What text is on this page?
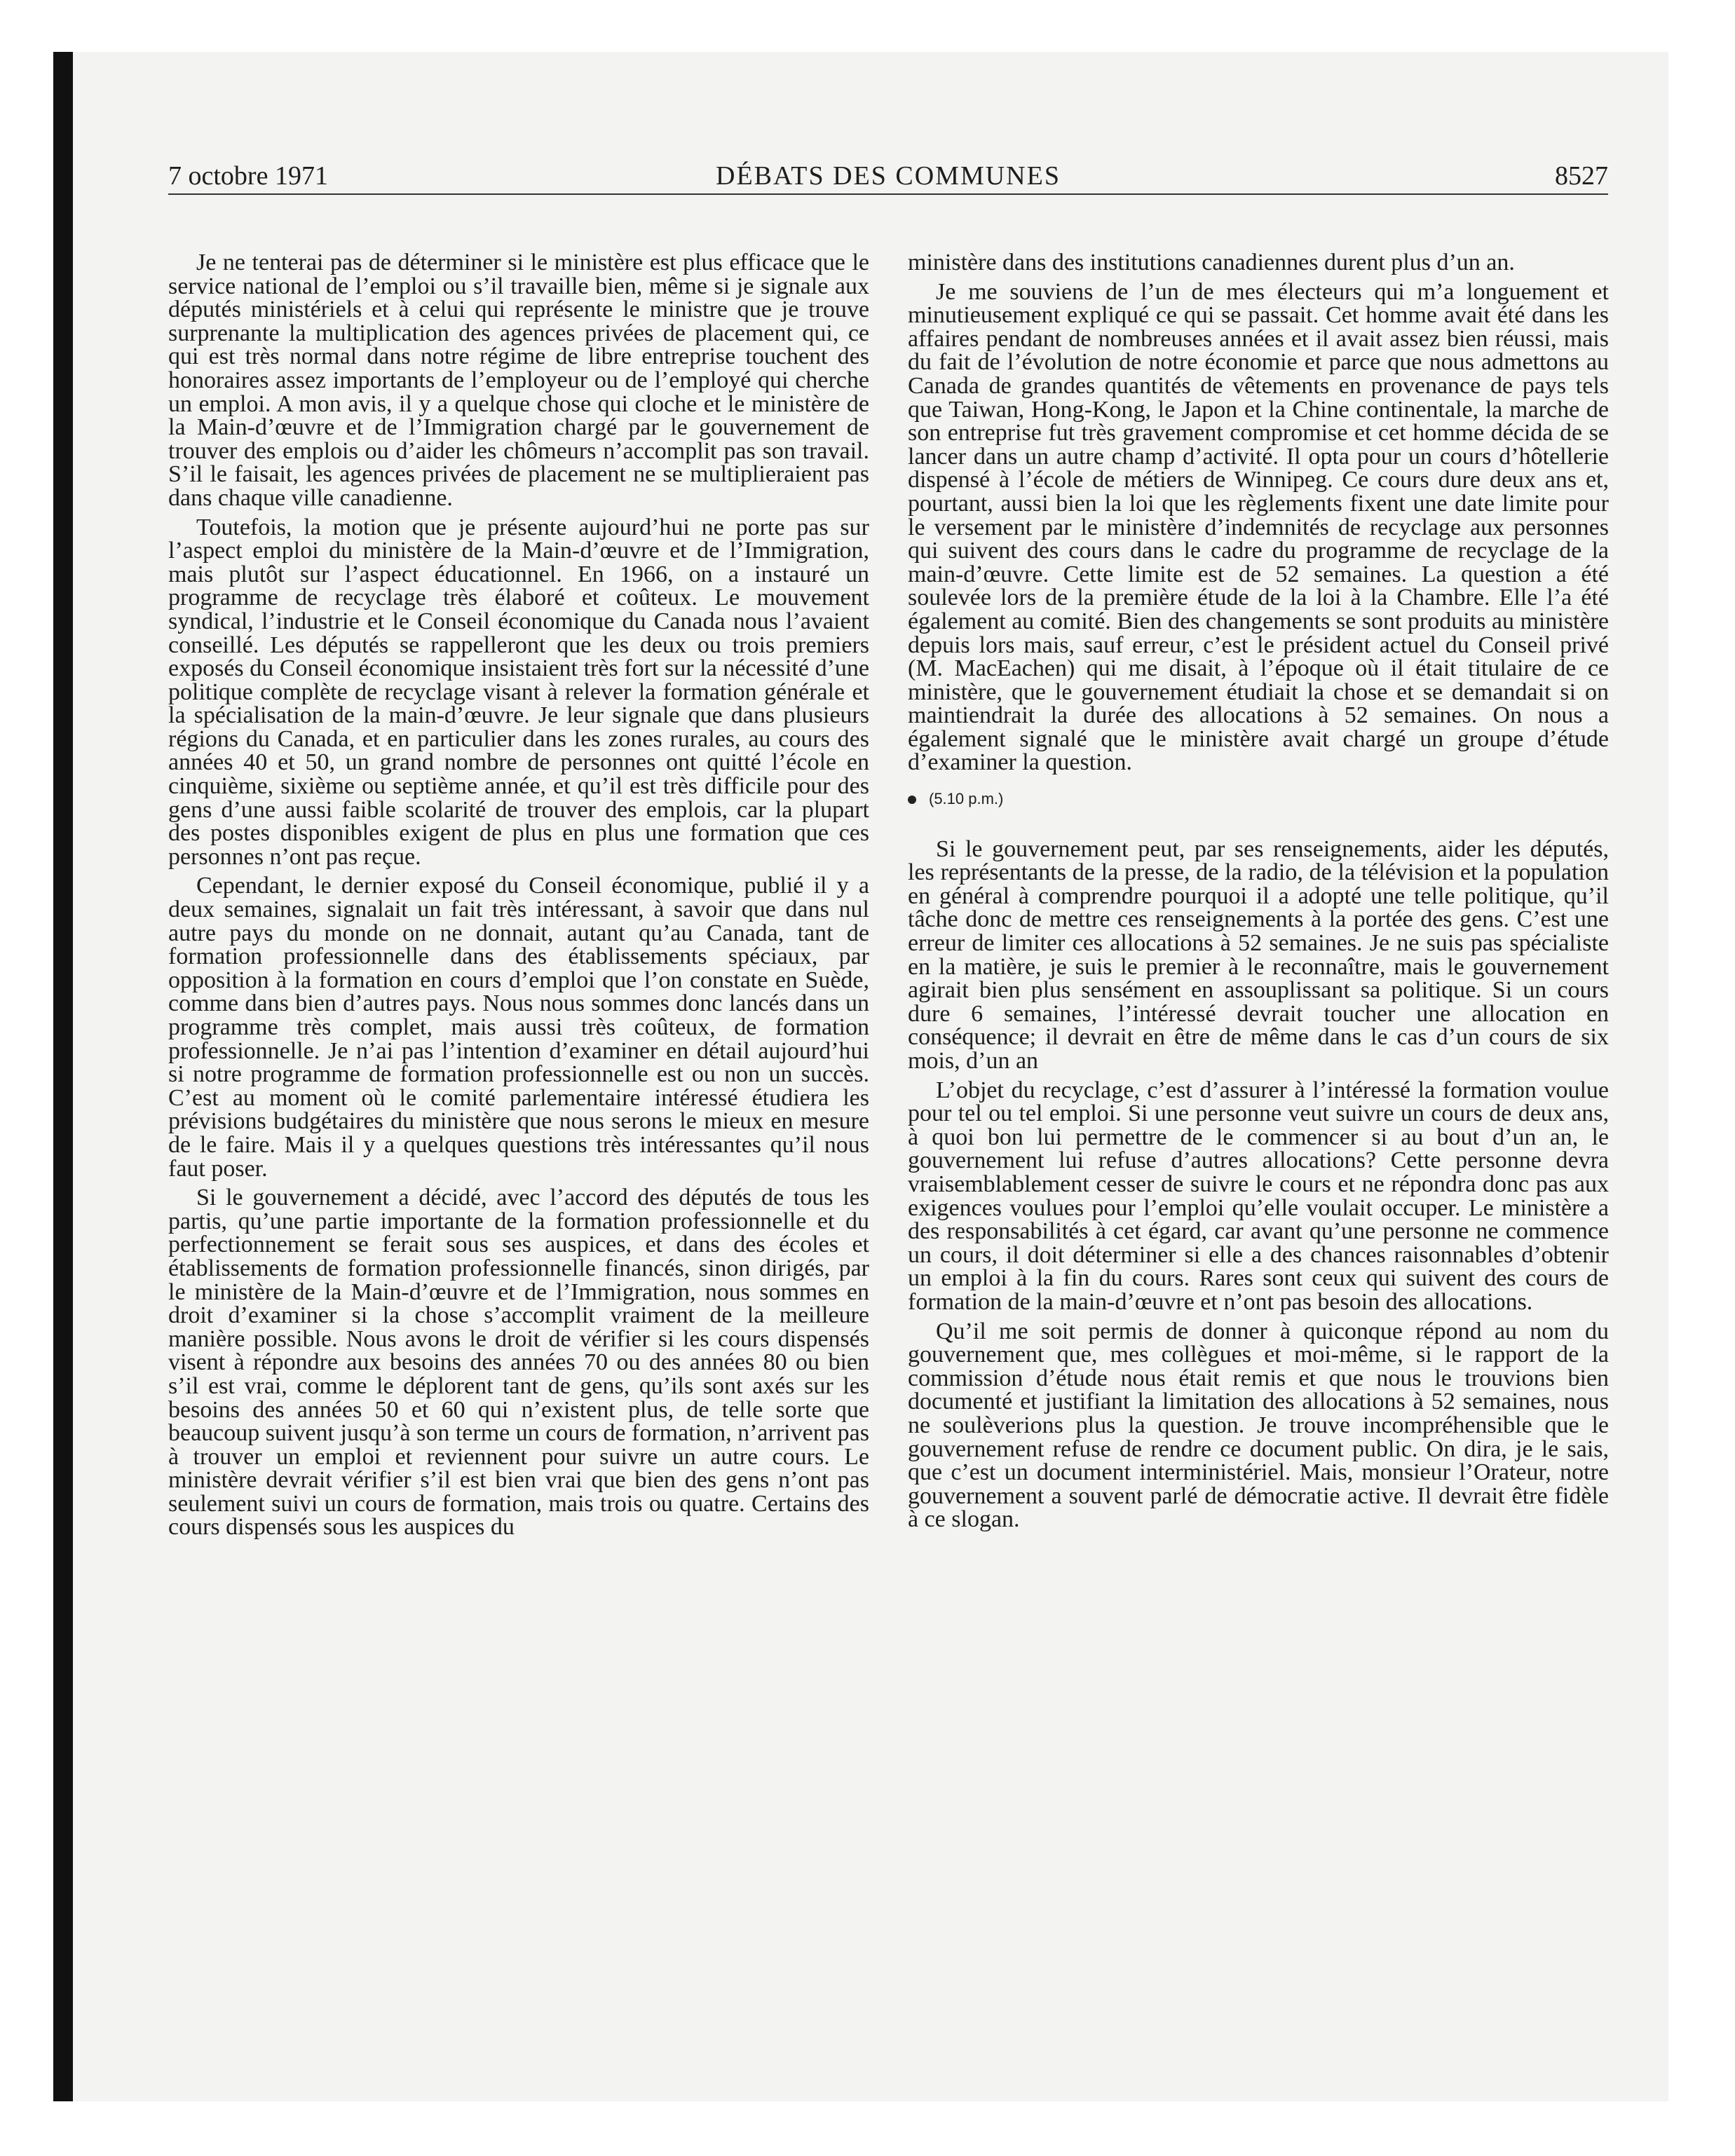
7 octobre 1971	DÉBATS DES COMMUNES	8527

Je ne tenterai pas de déterminer si le ministère est plus efficace que le service national de l’emploi ou s’il travaille bien, même si je signale aux députés ministériels et à celui qui représente le ministre que je trouve surprenante la multiplication des agences privées de placement qui, ce qui est très normal dans notre régime de libre entreprise touchent des honoraires assez importants de l’employeur ou de l’employé qui cherche un emploi. A mon avis, il y a quelque chose qui cloche et le ministère de la Main-d’œuvre et de l’Immigration chargé par le gouvernement de trouver des emplois ou d’aider les chômeurs n’accomplit pas son travail. S’il le faisait, les agences privées de placement ne se multiplieraient pas dans chaque ville canadienne.

Toutefois, la motion que je présente aujourd’hui ne porte pas sur l’aspect emploi du ministère de la Main-d’œuvre et de l’Immigration, mais plutôt sur l’aspect éducationnel. En 1966, on a instauré un programme de recyclage très élaboré et coûteux. Le mouvement syndical, l’industrie et le Conseil économique du Canada nous l’avaient conseillé. Les députés se rappelleront que les deux ou trois premiers exposés du Conseil économique insistaient très fort sur la nécessité d’une politique complète de recyclage visant à relever la formation générale et la spécialisation de la main-d’œuvre. Je leur signale que dans plusieurs régions du Canada, et en particulier dans les zones rurales, au cours des années 40 et 50, un grand nombre de personnes ont quitté l’école en cinquième, sixième ou septième année, et qu’il est très difficile pour des gens d’une aussi faible scolarité de trouver des emplois, car la plupart des postes disponibles exigent de plus en plus une formation que ces personnes n’ont pas reçue.

Cependant, le dernier exposé du Conseil économique, publié il y a deux semaines, signalait un fait très intéressant, à savoir que dans nul autre pays du monde on ne donnait, autant qu’au Canada, tant de formation professionnelle dans des établissements spéciaux, par opposition à la formation en cours d’emploi que l’on constate en Suède, comme dans bien d’autres pays. Nous nous sommes donc lancés dans un programme très complet, mais aussi très coûteux, de formation professionnelle. Je n’ai pas l’intention d’examiner en détail aujourd’hui si notre programme de formation professionnelle est ou non un succès. C’est au moment où le comité parlementaire intéressé étudiera les prévisions budgétaires du ministère que nous serons le mieux en mesure de le faire. Mais il y a quelques questions très intéressantes qu’il nous faut poser.

Si le gouvernement a décidé, avec l’accord des députés de tous les partis, qu’une partie importante de la formation professionnelle et du perfectionnement se ferait sous ses auspices, et dans des écoles et établissements de formation professionnelle financés, sinon dirigés, par le ministère de la Main-d’œuvre et de l’Immigration, nous sommes en droit d’examiner si la chose s’accomplit vraiment de la meilleure manière possible. Nous avons le droit de vérifier si les cours dispensés visent à répondre aux besoins des années 70 ou des années 80 ou bien s’il est vrai, comme le déplorent tant de gens, qu’ils sont axés sur les besoins des années 50 et 60 qui n’existent plus, de telle sorte que beaucoup suivent jusqu’à son terme un cours de formation, n’arrivent pas à trouver un emploi et reviennent pour suivre un autre cours. Le ministère devrait vérifier s’il est bien vrai que bien des gens n’ont pas seulement suivi un cours de formation, mais trois ou quatre. Certains des cours dispensés sous les auspices du

ministère dans des institutions canadiennes durent plus d’un an.

Je me souviens de l’un de mes électeurs qui m’a longuement et minutieusement expliqué ce qui se passait. Cet homme avait été dans les affaires pendant de nombreuses années et il avait assez bien réussi, mais du fait de l’évolution de notre économie et parce que nous admettons au Canada de grandes quantités de vêtements en provenance de pays tels que Taiwan, Hong-Kong, le Japon et la Chine continentale, la marche de son entreprise fut très gravement compromise et cet homme décida de se lancer dans un autre champ d’activité. Il opta pour un cours d’hôtellerie dispensé à l’école de métiers de Winnipeg. Ce cours dure deux ans et, pourtant, aussi bien la loi que les règlements fixent une date limite pour le versement par le ministère d’indemnités de recyclage aux personnes qui suivent des cours dans le cadre du programme de recyclage de la main-d’œuvre. Cette limite est de 52 semaines. La question a été soulevée lors de la première étude de la loi à la Chambre. Elle l’a été également au comité. Bien des changements se sont produits au ministère depuis lors mais, sauf erreur, c’est le président actuel du Conseil privé (M. MacEachen) qui me disait, à l’époque où il était titulaire de ce ministère, que le gouvernement étudiait la chose et se demandait si on maintiendrait la durée des allocations à 52 semaines. On nous a également signalé que le ministère avait chargé un groupe d’étude d’examiner la question.

(5.10 p.m.)

Si le gouvernement peut, par ses renseignements, aider les députés, les représentants de la presse, de la radio, de la télévision et la population en général à comprendre pourquoi il a adopté une telle politique, qu’il tâche donc de mettre ces renseignements à la portée des gens. C’est une erreur de limiter ces allocations à 52 semaines. Je ne suis pas spécialiste en la matière, je suis le premier à le reconnaître, mais le gouvernement agirait bien plus sensément en assouplissant sa politique. Si un cours dure 6 semaines, l’intéressé devrait toucher une allocation en conséquence; il devrait en être de même dans le cas d’un cours de six mois, d’un an

L’objet du recyclage, c’est d’assurer à l’intéressé la formation voulue pour tel ou tel emploi. Si une personne veut suivre un cours de deux ans, à quoi bon lui permettre de le commencer si au bout d’un an, le gouvernement lui refuse d’autres allocations? Cette personne devra vraisemblablement cesser de suivre le cours et ne répondra donc pas aux exigences voulues pour l’emploi qu’elle voulait occuper. Le ministère a des responsabilités à cet égard, car avant qu’une personne ne commence un cours, il doit déterminer si elle a des chances raisonnables d’obtenir un emploi à la fin du cours. Rares sont ceux qui suivent des cours de formation de la main-d’œuvre et n’ont pas besoin des allocations.

Qu’il me soit permis de donner à quiconque répond au nom du gouvernement que, mes collègues et moi-même, si le rapport de la commission d’étude nous était remis et que nous le trouvions bien documenté et justifiant la limitation des allocations à 52 semaines, nous ne soulèverions plus la question. Je trouve incompréhensible que le gouvernement refuse de rendre ce document public. On dira, je le sais, que c’est un document interministériel. Mais, monsieur l’Orateur, notre gouvernement a souvent parlé de démocratie active. Il devrait être fidèle à ce slogan.
